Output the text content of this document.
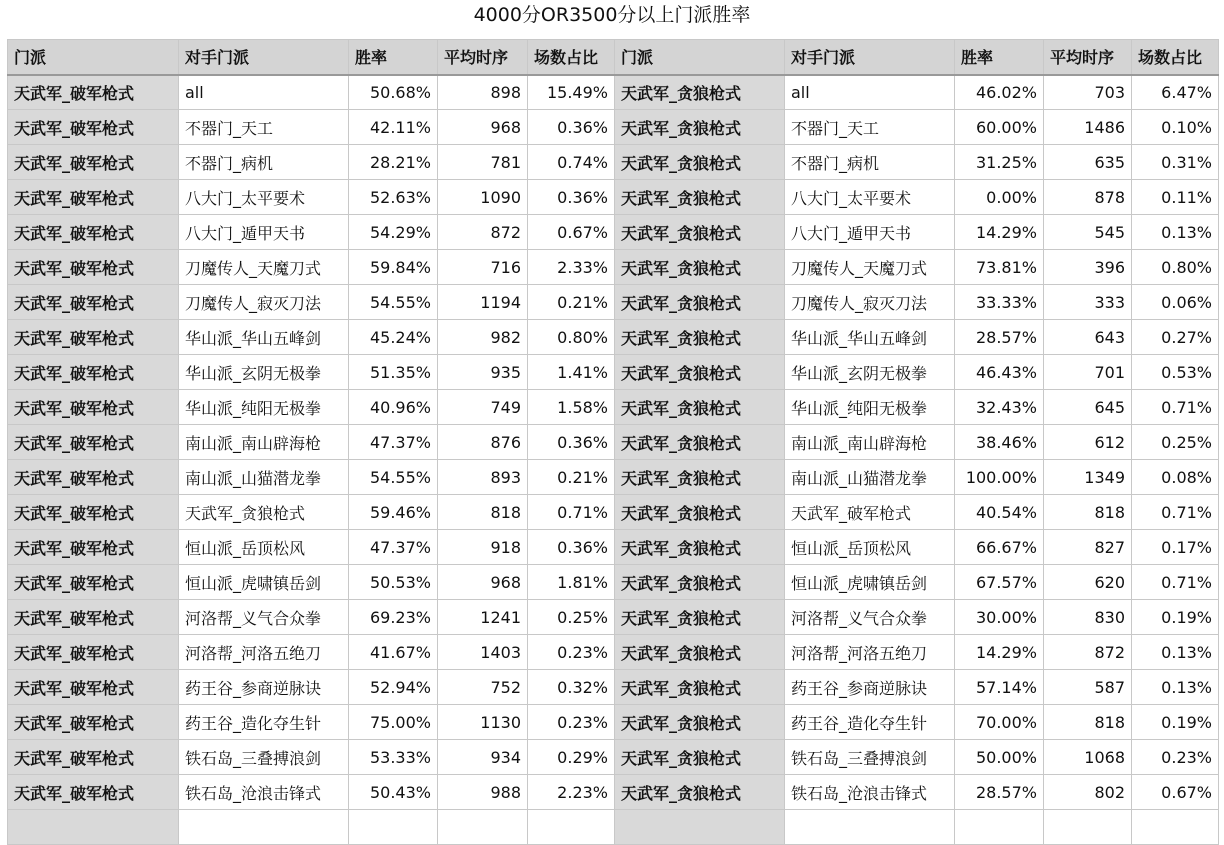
4000分OR3500分以上门派胜率
门派	对手门派	胜率	平均时序	场数占比	门派	对手门派	胜率	平均时序	场数占比
天武军_破军枪式	all	50.68%	898	15.49%	天武军_贪狼枪式	all	46.02%	703	6.47%
天武军_破军枪式	不器门_天工	42.11%	968	0.36%	天武军_贪狼枪式	不器门_天工	60.00%	1486	0.10%
天武军_破军枪式	不器门_病机	28.21%	781	0.74%	天武军_贪狼枪式	不器门_病机	31.25%	635	0.31%
天武军_破军枪式	八大门_太平要术	52.63%	1090	0.36%	天武军_贪狼枪式	八大门_太平要术	0.00%	878	0.11%
天武军_破军枪式	八大门_遁甲天书	54.29%	872	0.67%	天武军_贪狼枪式	八大门_遁甲天书	14.29%	545	0.13%
天武军_破军枪式	刀魔传人_天魔刀式	59.84%	716	2.33%	天武军_贪狼枪式	刀魔传人_天魔刀式	73.81%	396	0.80%
天武军_破军枪式	刀魔传人_寂灭刀法	54.55%	1194	0.21%	天武军_贪狼枪式	刀魔传人_寂灭刀法	33.33%	333	0.06%
天武军_破军枪式	华山派_华山五峰剑	45.24%	982	0.80%	天武军_贪狼枪式	华山派_华山五峰剑	28.57%	643	0.27%
天武军_破军枪式	华山派_玄阴无极拳	51.35%	935	1.41%	天武军_贪狼枪式	华山派_玄阴无极拳	46.43%	701	0.53%
天武军_破军枪式	华山派_纯阳无极拳	40.96%	749	1.58%	天武军_贪狼枪式	华山派_纯阳无极拳	32.43%	645	0.71%
天武军_破军枪式	南山派_南山辟海枪	47.37%	876	0.36%	天武军_贪狼枪式	南山派_南山辟海枪	38.46%	612	0.25%
天武军_破军枪式	南山派_山猫潜龙拳	54.55%	893	0.21%	天武军_贪狼枪式	南山派_山猫潜龙拳	100.00%	1349	0.08%
天武军_破军枪式	天武军_贪狼枪式	59.46%	818	0.71%	天武军_贪狼枪式	天武军_破军枪式	40.54%	818	0.71%
天武军_破军枪式	恒山派_岳顶松风	47.37%	918	0.36%	天武军_贪狼枪式	恒山派_岳顶松风	66.67%	827	0.17%
天武军_破军枪式	恒山派_虎啸镇岳剑	50.53%	968	1.81%	天武军_贪狼枪式	恒山派_虎啸镇岳剑	67.57%	620	0.71%
天武军_破军枪式	河洛帮_义气合众拳	69.23%	1241	0.25%	天武军_贪狼枪式	河洛帮_义气合众拳	30.00%	830	0.19%
天武军_破军枪式	河洛帮_河洛五绝刀	41.67%	1403	0.23%	天武军_贪狼枪式	河洛帮_河洛五绝刀	14.29%	872	0.13%
天武军_破军枪式	药王谷_参商逆脉诀	52.94%	752	0.32%	天武军_贪狼枪式	药王谷_参商逆脉诀	57.14%	587	0.13%
天武军_破军枪式	药王谷_造化夺生针	75.00%	1130	0.23%	天武军_贪狼枪式	药王谷_造化夺生针	70.00%	818	0.19%
天武军_破军枪式	铁石岛_三叠搏浪剑	53.33%	934	0.29%	天武军_贪狼枪式	铁石岛_三叠搏浪剑	50.00%	1068	0.23%
天武军_破军枪式	铁石岛_沧浪击锋式	50.43%	988	2.23%	天武军_贪狼枪式	铁石岛_沧浪击锋式	28.57%	802	0.67%
